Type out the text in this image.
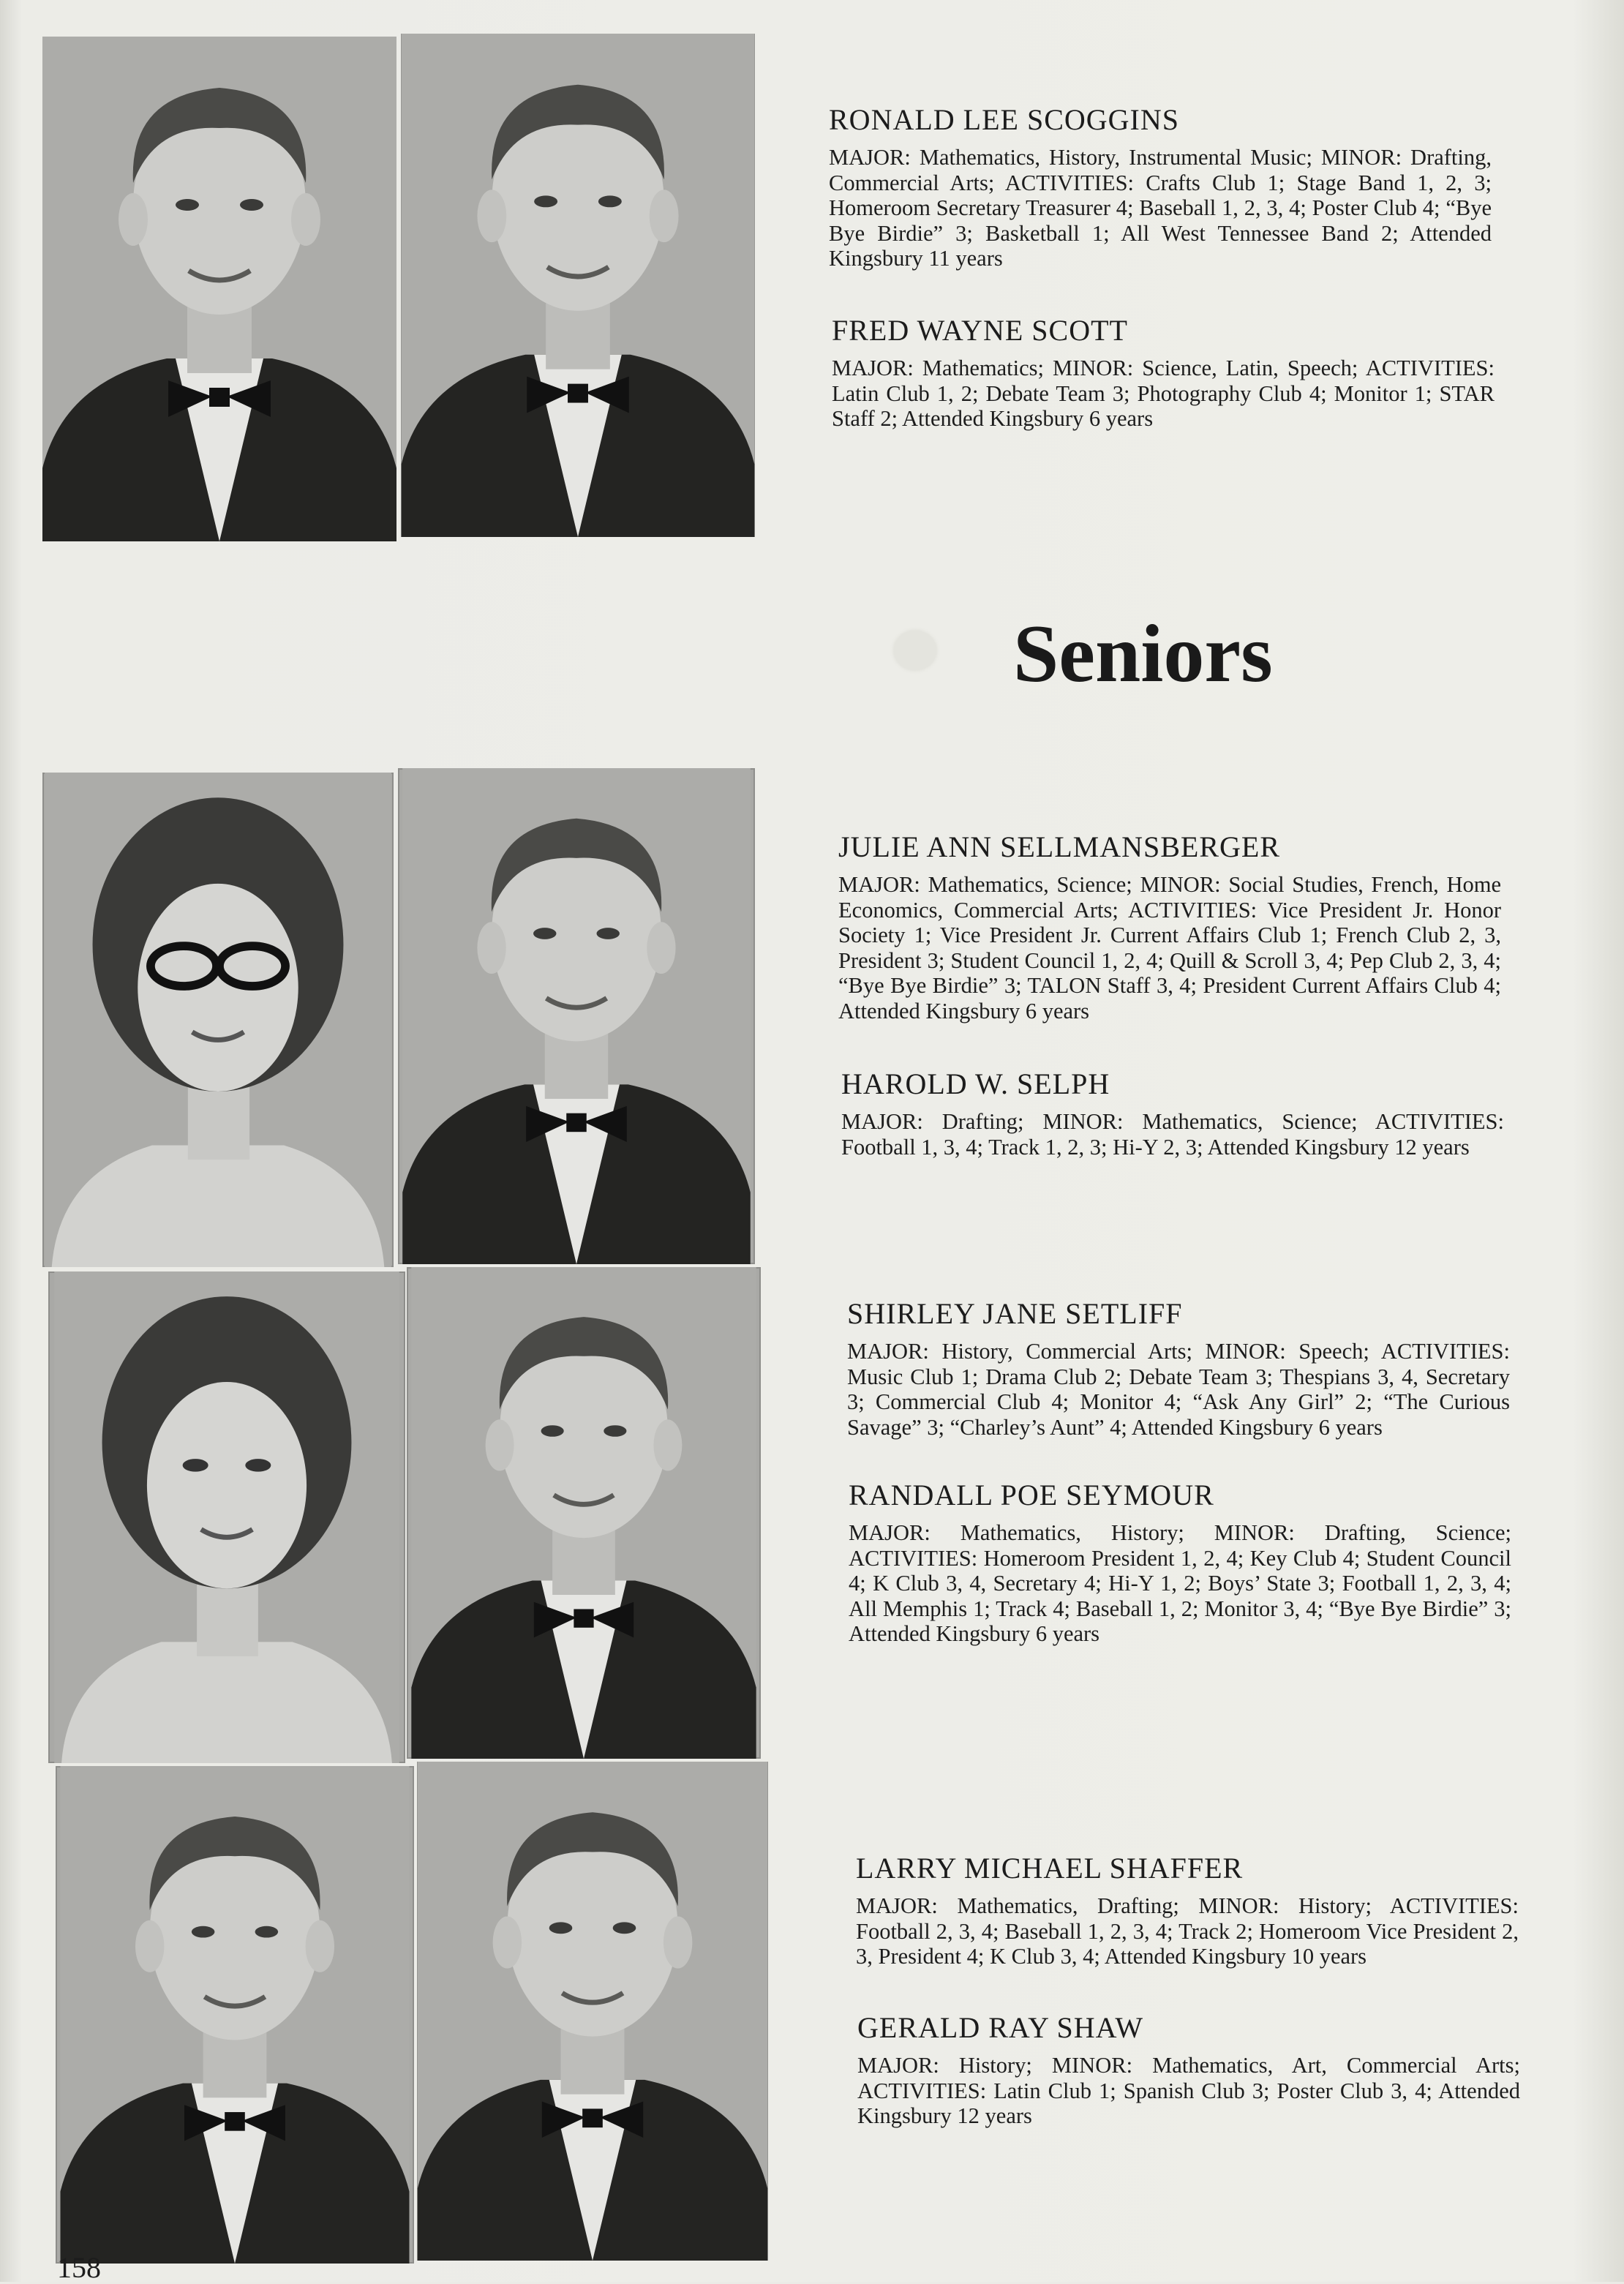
Seniors

RONALD LEE SCOGGINS

MAJOR: Mathematics, History, Instrumental Music; MINOR: Drafting, Commercial Arts; ACTIVITIES: Crafts Club 1; Stage Band 1, 2, 3; Homeroom Secretary Treasurer 4; Baseball 1, 2, 3, 4; Poster Club 4; “Bye Bye Birdie” 3; Basketball 1; All West Tennessee Band 2; Attended Kingsbury 11 years

FRED WAYNE SCOTT

MAJOR: Mathematics; MINOR: Science, Latin, Speech; ACTIVITIES: Latin Club 1, 2; Debate Team 3; Photography Club 4; Monitor 1; STAR Staff 2; Attended Kingsbury 6 years

JULIE ANN SELLMANSBERGER

MAJOR: Mathematics, Science; MINOR: Social Studies, French, Home Economics, Commercial Arts; ACTIVITIES: Vice President Jr. Honor Society 1; Vice President Jr. Current Affairs Club 1; French Club 2, 3, President 3; Student Council 1, 2, 4; Quill & Scroll 3, 4; Pep Club 2, 3, 4; “Bye Bye Birdie” 3; TALON Staff 3, 4; President Current Affairs Club 4; Attended Kingsbury 6 years

HAROLD W. SELPH

MAJOR: Drafting; MINOR: Mathematics, Science; ACTIVITIES: Football 1, 3, 4; Track 1, 2, 3; Hi-Y 2, 3; Attended Kingsbury 12 years

SHIRLEY JANE SETLIFF

MAJOR: History, Commercial Arts; MINOR: Speech; ACTIVITIES: Music Club 1; Drama Club 2; Debate Team 3; Thespians 3, 4, Secretary 3; Commercial Club 4; Monitor 4; “Ask Any Girl” 2; “The Curious Savage” 3; “Charley’s Aunt” 4; Attended Kingsbury 6 years

RANDALL POE SEYMOUR

MAJOR: Mathematics, History; MINOR: Drafting, Science; ACTIVITIES: Homeroom President 1, 2, 4; Key Club 4; Student Council 4; K Club 3, 4, Secretary 4; Hi-Y 1, 2; Boys’ State 3; Football 1, 2, 3, 4; All Memphis 1; Track 4; Baseball 1, 2; Monitor 3, 4; “Bye Bye Birdie” 3; Attended Kingsbury 6 years

LARRY MICHAEL SHAFFER

MAJOR: Mathematics, Drafting; MINOR: History; ACTIVITIES: Football 2, 3, 4; Baseball 1, 2, 3, 4; Track 2; Homeroom Vice President 2, 3, President 4; K Club 3, 4; Attended Kingsbury 10 years

GERALD RAY SHAW

MAJOR: History; MINOR: Mathematics, Art, Commercial Arts; ACTIVITIES: Latin Club 1; Spanish Club 3; Poster Club 3, 4; Attended Kingsbury 12 years

158
